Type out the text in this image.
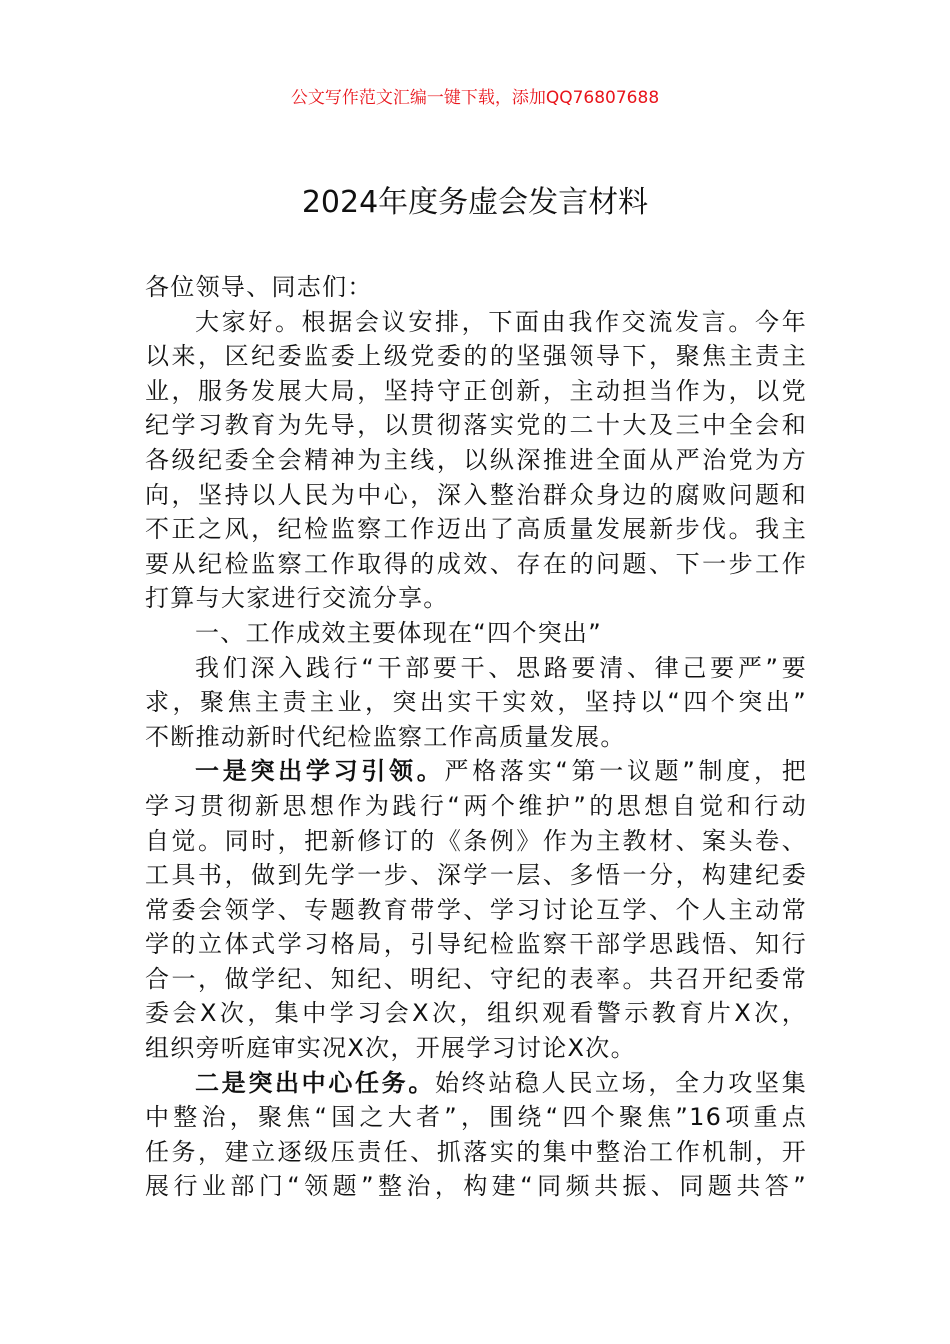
公文写作范文汇编一键下载，添加QQ76807688
2024年度务虚会发言材料
各位领导、同志们：
大家好。根据会议安排，下面由我作交流发言。今年
以来，区纪委监委上级党委的的坚强领导下，聚焦主责主
业，服务发展大局，坚持守正创新，主动担当作为，以党
纪学习教育为先导，以贯彻落实党的二十大及三中全会和
各级纪委全会精神为主线，以纵深推进全面从严治党为方
向，坚持以人民为中心，深入整治群众身边的腐败问题和
不正之风，纪检监察工作迈出了高质量发展新步伐。我主
要从纪检监察工作取得的成效、存在的问题、下一步工作
打算与大家进行交流分享。
一、工作成效主要体现在“四个突出”
我们深入践行“干部要干、思路要清、律己要严”要
求，聚焦主责主业，突出实干实效，坚持以“四个突出”
不断推动新时代纪检监察工作高质量发展。
一是突出学习引领。严格落实“第一议题”制度，把
学习贯彻新思想作为践行“两个维护”的思想自觉和行动
自觉。同时，把新修订的《条例》作为主教材、案头卷、
工具书，做到先学一步、深学一层、多悟一分，构建纪委
常委会领学、专题教育带学、学习讨论互学、个人主动常
学的立体式学习格局，引导纪检监察干部学思践悟、知行
合一，做学纪、知纪、明纪、守纪的表率。共召开纪委常
委会X次，集中学习会X次，组织观看警示教育片X次，
组织旁听庭审实况X次，开展学习讨论X次。
二是突出中心任务。始终站稳人民立场，全力攻坚集
中整治，聚焦“国之大者”，围绕“四个聚焦”16项重点
任务，建立逐级压责任、抓落实的集中整治工作机制，开
展行业部门“领题”整治，构建“同频共振、同题共答”
